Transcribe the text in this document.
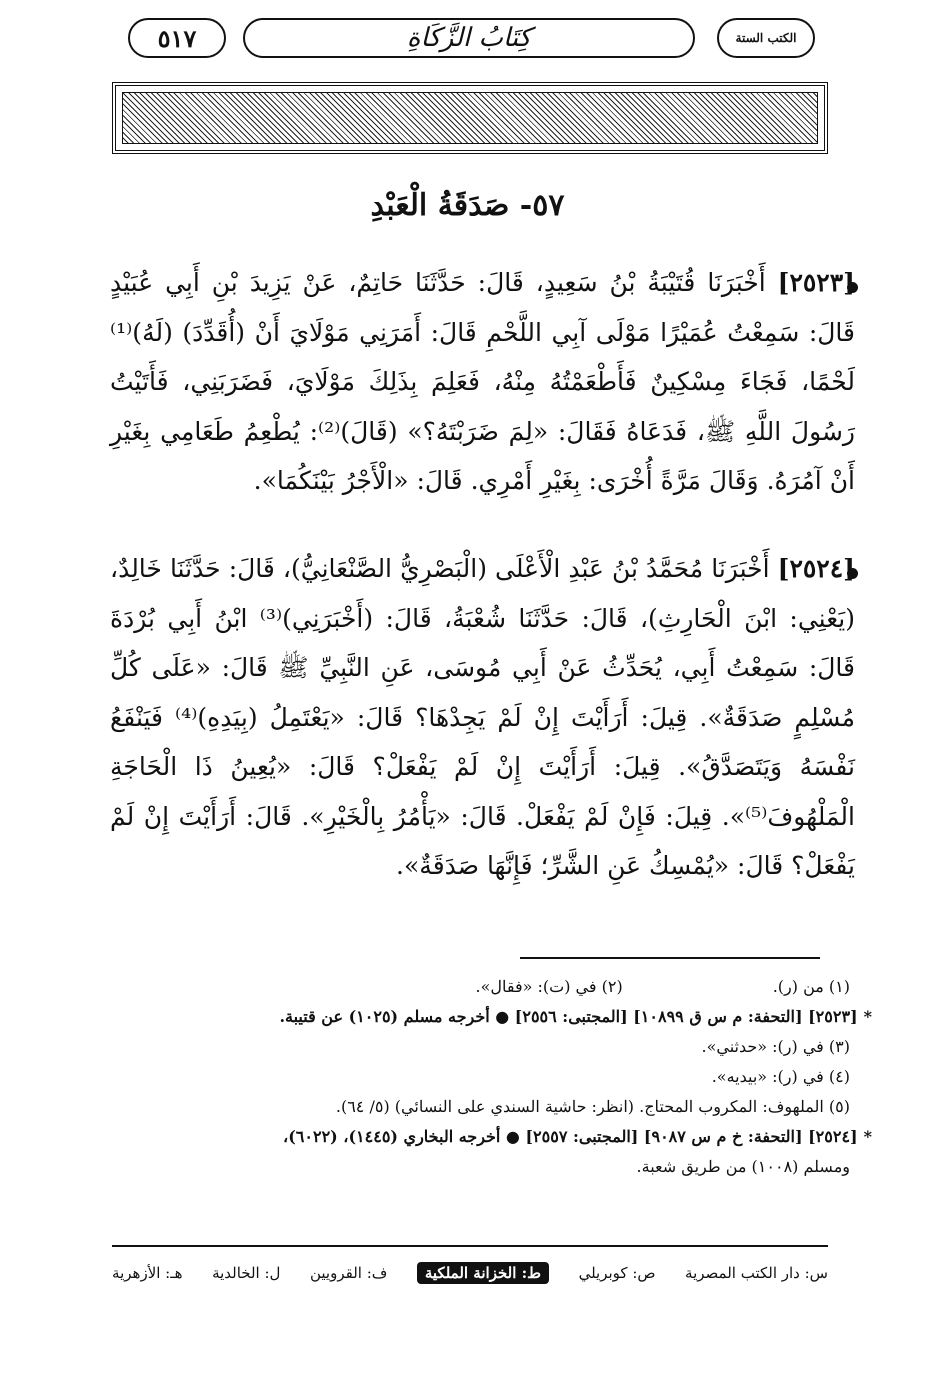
٥١٧	كِتَابُ الزَّكَاةِ	الكتب الستة
٥٧- صَدَقَةُ الْعَبْدِ

[٢٥٢٣] أَخْبَرَنَا قُتَيْبَةُ بْنُ سَعِيدٍ، قَالَ: حَدَّثَنَا حَاتِمٌ، عَنْ يَزِيدَ بْنِ أَبِي عُبَيْدٍ قَالَ: سَمِعْتُ عُمَيْرًا مَوْلَى آبِي اللَّحْمِ قَالَ: أَمَرَنِي مَوْلَايَ أَنْ (أُقَدِّدَ) (لَهُ)⁽¹⁾ لَحْمًا، فَجَاءَ مِسْكِينٌ فَأَطْعَمْتُهُ مِنْهُ، فَعَلِمَ بِذَلِكَ مَوْلَايَ، فَضَرَبَنِي، فَأَتَيْتُ رَسُولَ اللَّهِ ﷺ، فَدَعَاهُ فَقَالَ: «لِمَ ضَرَبْتَهُ؟» (قَالَ)⁽²⁾: يُطْعِمُ طَعَامِي بِغَيْرِ أَنْ آمُرَهُ. وَقَالَ مَرَّةً أُخْرَى: بِغَيْرِ أَمْرِي. قَالَ: «الْأَجْرُ بَيْنَكُمَا».

[٢٥٢٤] أَخْبَرَنَا مُحَمَّدُ بْنُ عَبْدِ الْأَعْلَى (الْبَصْرِيُّ الصَّنْعَانِيُّ)، قَالَ: حَدَّثَنَا خَالِدٌ، (يَعْنِي: ابْنَ الْحَارِثِ)، قَالَ: حَدَّثَنَا شُعْبَةُ، قَالَ: (أَخْبَرَنِي)⁽³⁾ ابْنُ أَبِي بُرْدَةَ قَالَ: سَمِعْتُ أَبِي، يُحَدِّثُ عَنْ أَبِي مُوسَى، عَنِ النَّبِيِّ ﷺ قَالَ: «عَلَى كُلِّ مُسْلِمٍ صَدَقَةٌ». قِيلَ: أَرَأَيْتَ إِنْ لَمْ يَجِدْهَا؟ قَالَ: «يَعْتَمِلُ (بِيَدِهِ)⁽⁴⁾ فَيَنْفَعُ نَفْسَهُ وَيَتَصَدَّقُ». قِيلَ: أَرَأَيْتَ إِنْ لَمْ يَفْعَلْ؟ قَالَ: «يُعِينُ ذَا الْحَاجَةِ الْمَلْهُوفَ⁽⁵⁾». قِيلَ: فَإِنْ لَمْ يَفْعَلْ. قَالَ: «يَأْمُرُ بِالْخَيْرِ». قَالَ: أَرَأَيْتَ إِنْ لَمْ يَفْعَلْ؟ قَالَ: «يُمْسِكُ عَنِ الشَّرِّ؛ فَإِنَّهَا صَدَقَةٌ».

(١) من (ر).
(٢) في (ت): «فقال».
*
[٢٥٢٣] [التحفة: م س ق ١٠٨٩٩] [المجتبى: ٢٥٥٦] ● أخرجه مسلم (١٠٢٥) عن قتيبة.
(٣) في (ر): «حدثني».
(٤) في (ر): «بيديه».
(٥) الملهوف: المكروب المحتاج. (انظر: حاشية السندي على النسائي) (٥/ ٦٤).
*
[٢٥٢٤] [التحفة: خ م س ٩٠٨٧] [المجتبى: ٢٥٥٧] ● أخرجه البخاري (١٤٤٥)، (٦٠٢٢)،
ومسلم (١٠٠٨) من طريق شعبة.
س: دار الكتب المصرية
ص: كوبريلي
ط: الخزانة الملكية
ف: القرويين
ل: الخالدية
هـ: الأزهرية
